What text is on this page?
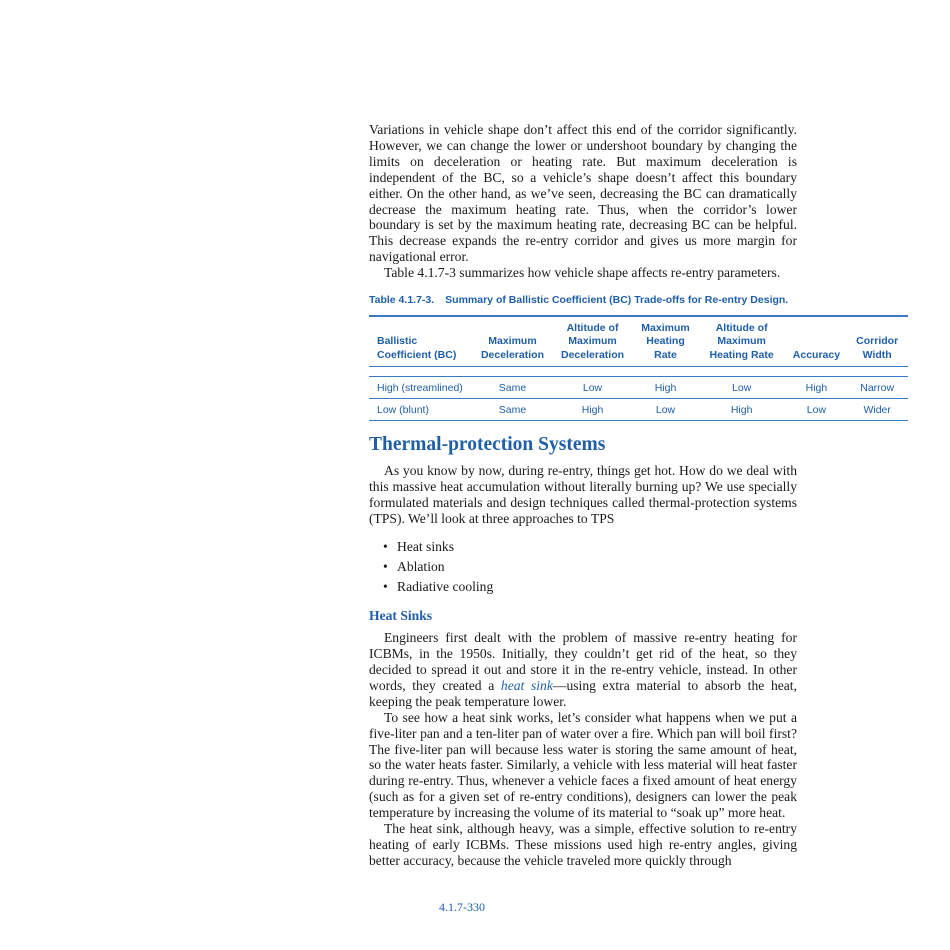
Variations in vehicle shape don’t affect this end of the corridor significantly. However, we can change the lower or undershoot boundary by changing the limits on deceleration or heating rate. But maximum deceleration is independent of the BC, so a vehicle’s shape doesn’t affect this boundary either. On the other hand, as we’ve seen, decreasing the BC can dramatically decrease the maximum heating rate. Thus, when the corridor’s lower boundary is set by the maximum heating rate, decreasing BC can be helpful. This decrease expands the re-entry corridor and gives us more margin for navigational error.

Table 4.1.7-3 summarizes how vehicle shape affects re-entry parameters.

Table 4.1.7-3. Summary of Ballistic Coefficient (BC) Trade-offs for Re-entry Design.
Ballistic
Coefficient (BC)	Maximum
Deceleration	Altitude of
Maximum
Deceleration	Maximum
Heating
Rate	Altitude of
Maximum
Heating Rate	Accuracy	Corridor
Width

High (streamlined)	Same	Low	High	Low	High	Narrow
Low (blunt)	Same	High	Low	High	Low	Wider
Thermal-protection Systems

As you know by now, during re-entry, things get hot. How do we deal with this massive heat accumulation without literally burning up? We use specially formulated materials and design techniques called thermal-protection systems (TPS). We’ll look at three approaches to TPS

• Heat sinks
• Ablation
• Radiative cooling
Heat Sinks

Engineers first dealt with the problem of massive re-entry heating for ICBMs, in the 1950s. Initially, they couldn’t get rid of the heat, so they decided to spread it out and store it in the re-entry vehicle, instead. In other words, they created a heat sink—using extra material to absorb the heat, keeping the peak temperature lower.

To see how a heat sink works, let’s consider what happens when we put a five-liter pan and a ten-liter pan of water over a fire. Which pan will boil first? The five-liter pan will because less water is storing the same amount of heat, so the water heats faster. Similarly, a vehicle with less material will heat faster during re-entry. Thus, whenever a vehicle faces a fixed amount of heat energy (such as for a given set of re-entry conditions), designers can lower the peak temperature by increasing the volume of its material to “soak up” more heat.

The heat sink, although heavy, was a simple, effective solution to re-entry heating of early ICBMs. These missions used high re-entry angles, giving better accuracy, because the vehicle traveled more quickly through

4.1.7-330
